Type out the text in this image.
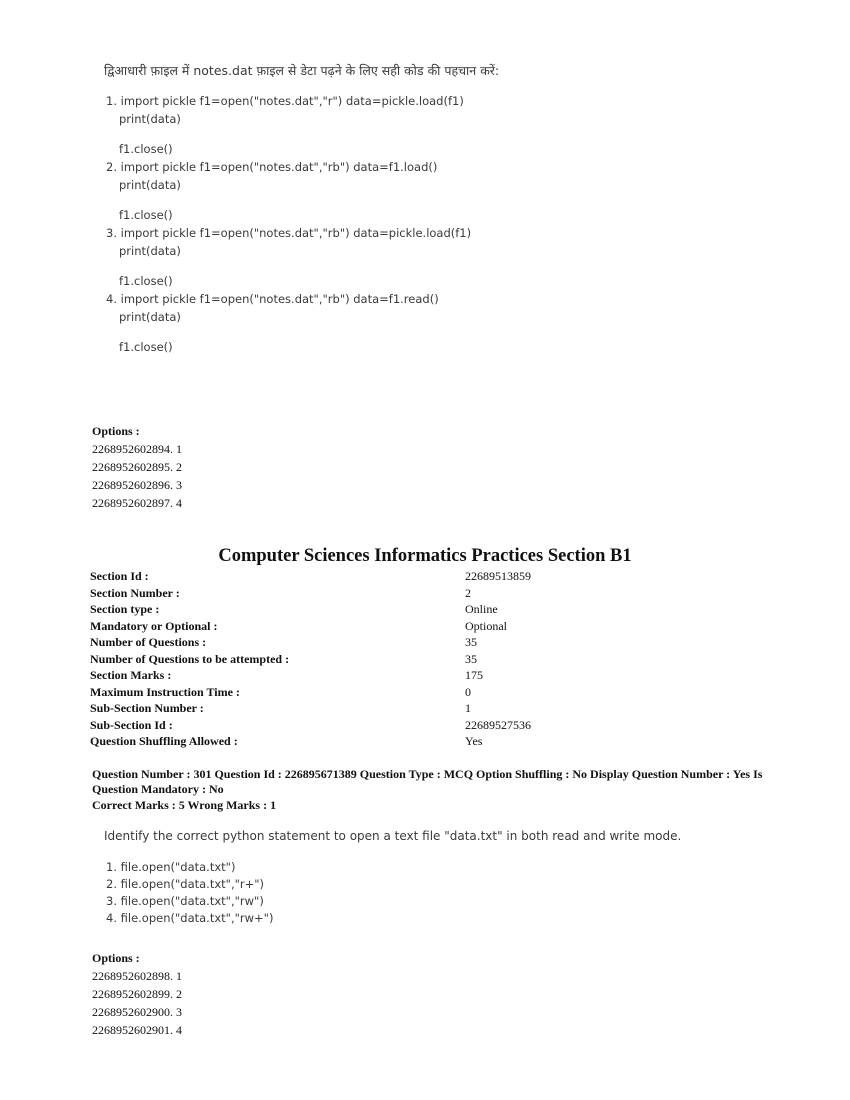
द्विआधारी फ़ाइल में notes.dat फ़ाइल से डेटा पढ़ने के लिए सही कोड की पहचान करें:
1. import pickle f1=open("notes.dat","r") data=pickle.load(f1)
print(data)
f1.close()
2. import pickle f1=open("notes.dat","rb") data=f1.load()
print(data)
f1.close()
3. import pickle f1=open("notes.dat","rb") data=pickle.load(f1)
print(data)
f1.close()
4. import pickle f1=open("notes.dat","rb") data=f1.read()
print(data)
f1.close()
Options :
2268952602894. 1
2268952602895. 2
2268952602896. 3
2268952602897. 4
Computer Sciences Informatics Practices Section B1
Section Id :	22689513859
Section Number :	2
Section type :	Online
Mandatory or Optional :	Optional
Number of Questions :	35
Number of Questions to be attempted :	35
Section Marks :	175
Maximum Instruction Time :	0
Sub-Section Number :	1
Sub-Section Id :	22689527536
Question Shuffling Allowed :	Yes
Question Number : 301 Question Id : 226895671389 Question Type : MCQ Option Shuffling : No Display Question Number : Yes Is Question Mandatory : No
Correct Marks : 5 Wrong Marks : 1
Identify the correct python statement to open a text file "data.txt" in both read and write mode.
1. file.open("data.txt")
2. file.open("data.txt","r+")
3. file.open("data.txt","rw")
4. file.open("data.txt","rw+")
Options :
2268952602898. 1
2268952602899. 2
2268952602900. 3
2268952602901. 4
